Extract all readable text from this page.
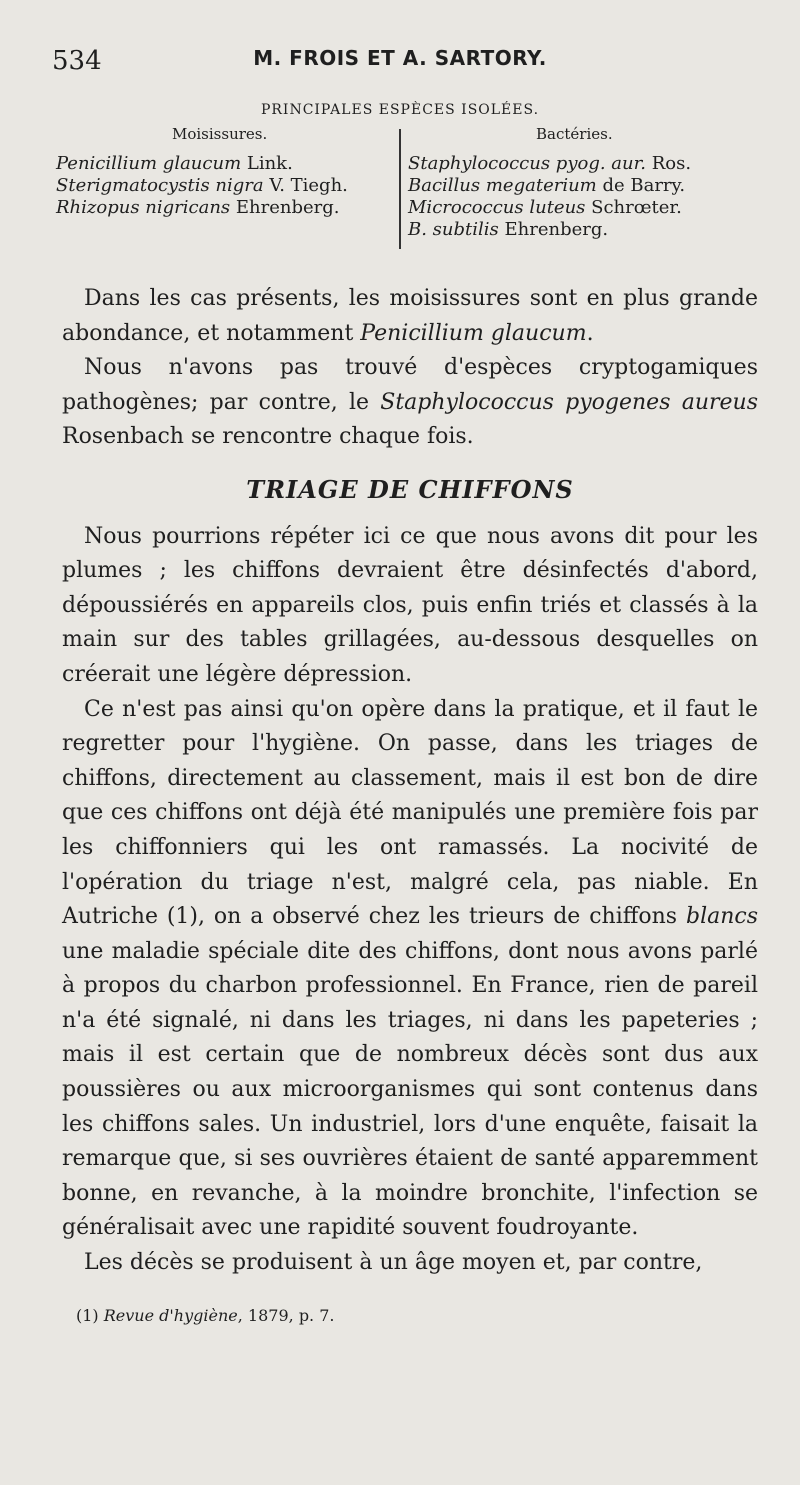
534	M. FROIS ET A. SARTORY.
PRINCIPALES ESPÈCES ISOLÉES.
Moisissures.
Penicillium glaucum Link.
Sterigmatocystis nigra V. Tiegh.
Rhizopus nigricans Ehrenberg.
Bactéries.
Staphylococcus pyog. aur. Ros.
Bacillus megaterium de Barry.
Micrococcus luteus Schrœter.
B. subtilis Ehrenberg.

Dans les cas présents, les moisissures sont en plus grande abondance, et notamment Penicillium glaucum.

Nous n'avons pas trouvé d'espèces cryptogamiques pathogènes; par contre, le Staphylococcus pyogenes aureus Rosenbach se rencontre chaque fois.

TRIAGE DE CHIFFONS

Nous pourrions répéter ici ce que nous avons dit pour les plumes ; les chiffons devraient être désinfectés d'abord, dépoussiérés en appareils clos, puis enfin triés et classés à la main sur des tables grillagées, au-dessous desquelles on créerait une légère dépression.

Ce n'est pas ainsi qu'on opère dans la pratique, et il faut le regretter pour l'hygiène. On passe, dans les triages de chiffons, directement au classement, mais il est bon de dire que ces chiffons ont déjà été manipulés une première fois par les chiffonniers qui les ont ramassés. La nocivité de l'opération du triage n'est, malgré cela, pas niable. En Autriche (1), on a observé chez les trieurs de chiffons blancs une maladie spéciale dite des chiffons, dont nous avons parlé à propos du charbon professionnel. En France, rien de pareil n'a été signalé, ni dans les triages, ni dans les papeteries ; mais il est certain que de nombreux décès sont dus aux poussières ou aux microorganismes qui sont contenus dans les chiffons sales. Un industriel, lors d'une enquête, faisait la remarque que, si ses ouvrières étaient de santé apparemment bonne, en revanche, à la moindre bronchite, l'infection se généralisait avec une rapidité souvent foudroyante.

Les décès se produisent à un âge moyen et, par contre,

(1) Revue d'hygiène, 1879, p. 7.
